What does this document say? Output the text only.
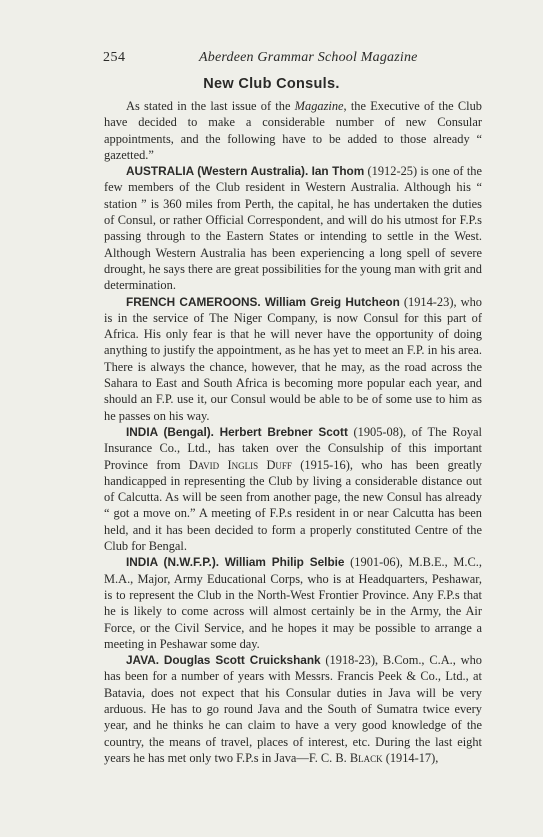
254	Aberdeen Grammar School Magazine
New Club Consuls.

As stated in the last issue of the Magazine, the Executive of the Club have decided to make a considerable number of new Consular appointments, and the following have to be added to those already “ gazetted.”

AUSTRALIA (Western Australia). Ian Thom (1912-25) is one of the few members of the Club resident in Western Australia. Although his “ station ” is 360 miles from Perth, the capital, he has undertaken the duties of Consul, or rather Official Correspondent, and will do his utmost for F.P.s passing through to the Eastern States or intending to settle in the West. Although Western Australia has been experiencing a long spell of severe drought, he says there are great possibilities for the young man with grit and determination.

FRENCH CAMEROONS. William Greig Hutcheon (1914-23), who is in the service of The Niger Company, is now Consul for this part of Africa. His only fear is that he will never have the opportunity of doing anything to justify the appointment, as he has yet to meet an F.P. in his area. There is always the chance, however, that he may, as the road across the Sahara to East and South Africa is becoming more popular each year, and should an F.P. use it, our Consul would be able to be of some use to him as he passes on his way.

INDIA (Bengal). Herbert Brebner Scott (1905-08), of The Royal Insurance Co., Ltd., has taken over the Consulship of this important Province from David Inglis Duff (1915-16), who has been greatly handicapped in representing the Club by living a considerable distance out of Calcutta. As will be seen from another page, the new Consul has already “ got a move on.” A meeting of F.P.s resident in or near Calcutta has been held, and it has been decided to form a properly constituted Centre of the Club for Bengal.

INDIA (N.W.F.P.). William Philip Selbie (1901-06), M.B.E., M.C., M.A., Major, Army Educational Corps, who is at Headquarters, Peshawar, is to represent the Club in the North-West Frontier Province. Any F.P.s that he is likely to come across will almost certainly be in the Army, the Air Force, or the Civil Service, and he hopes it may be possible to arrange a meeting in Peshawar some day.

JAVA. Douglas Scott Cruickshank (1918-23), B.Com., C.A., who has been for a number of years with Messrs. Francis Peek & Co., Ltd., at Batavia, does not expect that his Consular duties in Java will be very arduous. He has to go round Java and the South of Sumatra twice every year, and he thinks he can claim to have a very good knowledge of the country, the means of travel, places of interest, etc. During the last eight years he has met only two F.P.s in Java—F. C. B. Black (1914-17),
